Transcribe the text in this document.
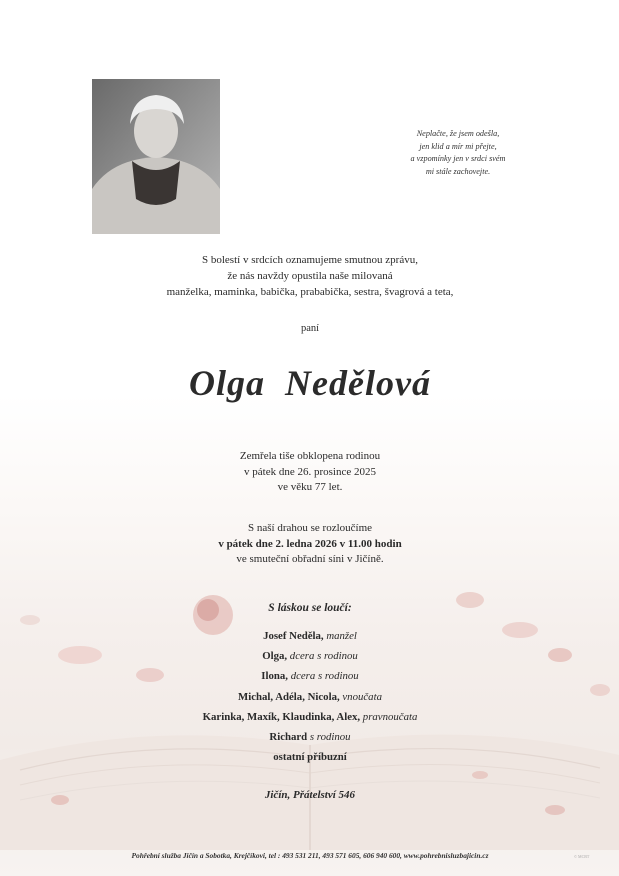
Neplačte, že jsem odešla,
jen klid a mír mi přejte,
a vzpomínky jen v srdci svém
mi stále zachovejte.
S bolestí v srdcích oznamujeme smutnou zprávu,
že nás navždy opustila naše milovaná
manželka, maminka, babička, prababička, sestra, švagrová a teta,
paní
Olga  Nedělová
Zemřela tiše obklopena rodinou
v pátek dne 26. prosince 2025
ve věku 77 let.
S naší drahou se rozloučíme
v pátek dne 2. ledna 2026 v 11.00 hodin
ve smuteční obřadní síni v Jičíně.
S láskou se loučí:
Josef Neděla, manžel
Olga, dcera s rodinou
Ilona, dcera s rodinou
Michal, Adéla, Nicola, vnoučata
Karinka, Maxík, Klaudinka, Alex, pravnoučata
Richard s rodinou
ostatní příbuzní
Jičín, Přátelství 546
Pohřební služba Jičín a Sobotka, Krejčíkovi, tel : 493 531 211, 493 571 605, 606 940 600, www.pohrebnisluzbajicin.cz	© MCBT
